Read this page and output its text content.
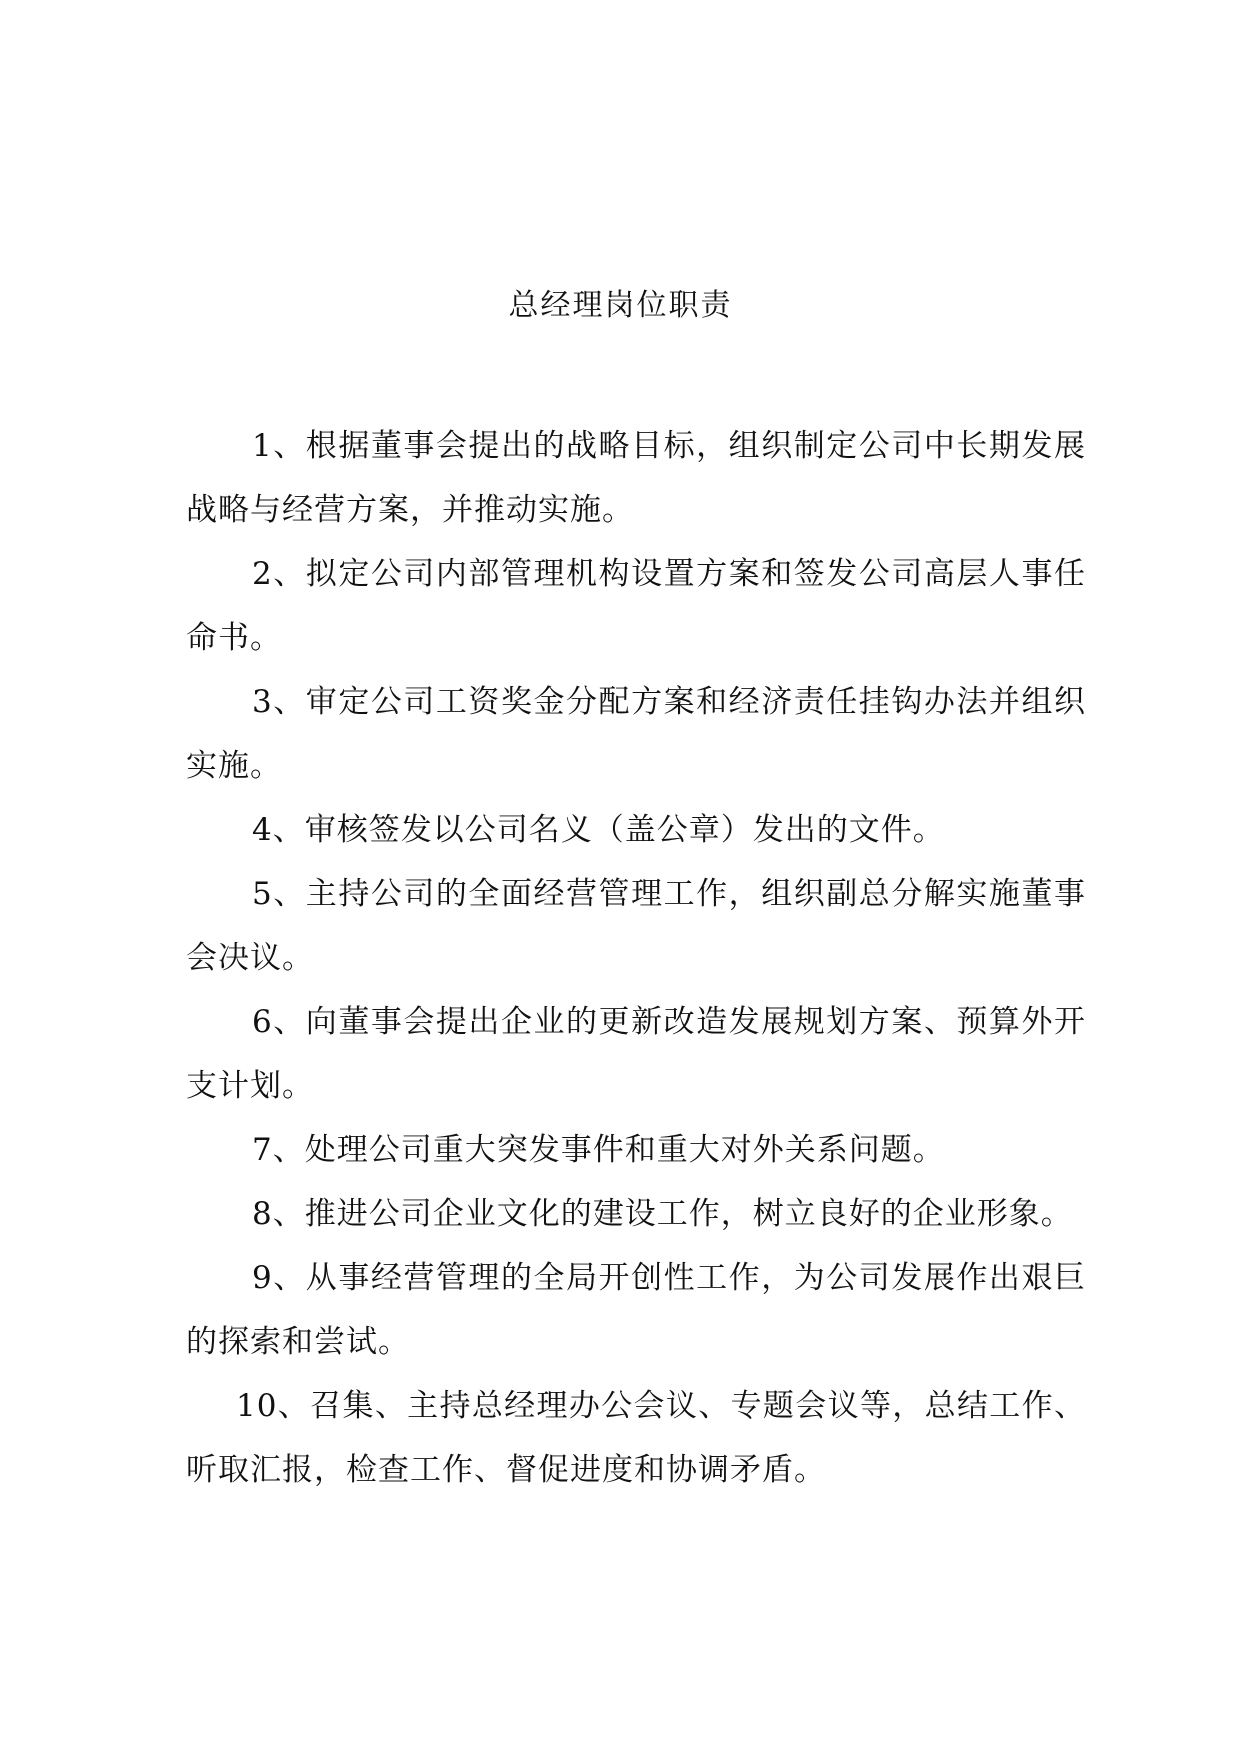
总经理岗位职责

1、根据董事会提出的战略目标，组织制定公司中长期发展战略与经营方案，并推动实施。

2、拟定公司内部管理机构设置方案和签发公司高层人事任命书。

3、审定公司工资奖金分配方案和经济责任挂钩办法并组织实施。

4、审核签发以公司名义（盖公章）发出的文件。

5、主持公司的全面经营管理工作，组织副总分解实施董事会决议。

6、向董事会提出企业的更新改造发展规划方案、预算外开支计划。

7、处理公司重大突发事件和重大对外关系问题。

8、推进公司企业文化的建设工作，树立良好的企业形象。

9、从事经营管理的全局开创性工作，为公司发展作出艰巨的探索和尝试。

10、召集、主持总经理办公会议、专题会议等，总结工作、听取汇报，检查工作、督促进度和协调矛盾。
